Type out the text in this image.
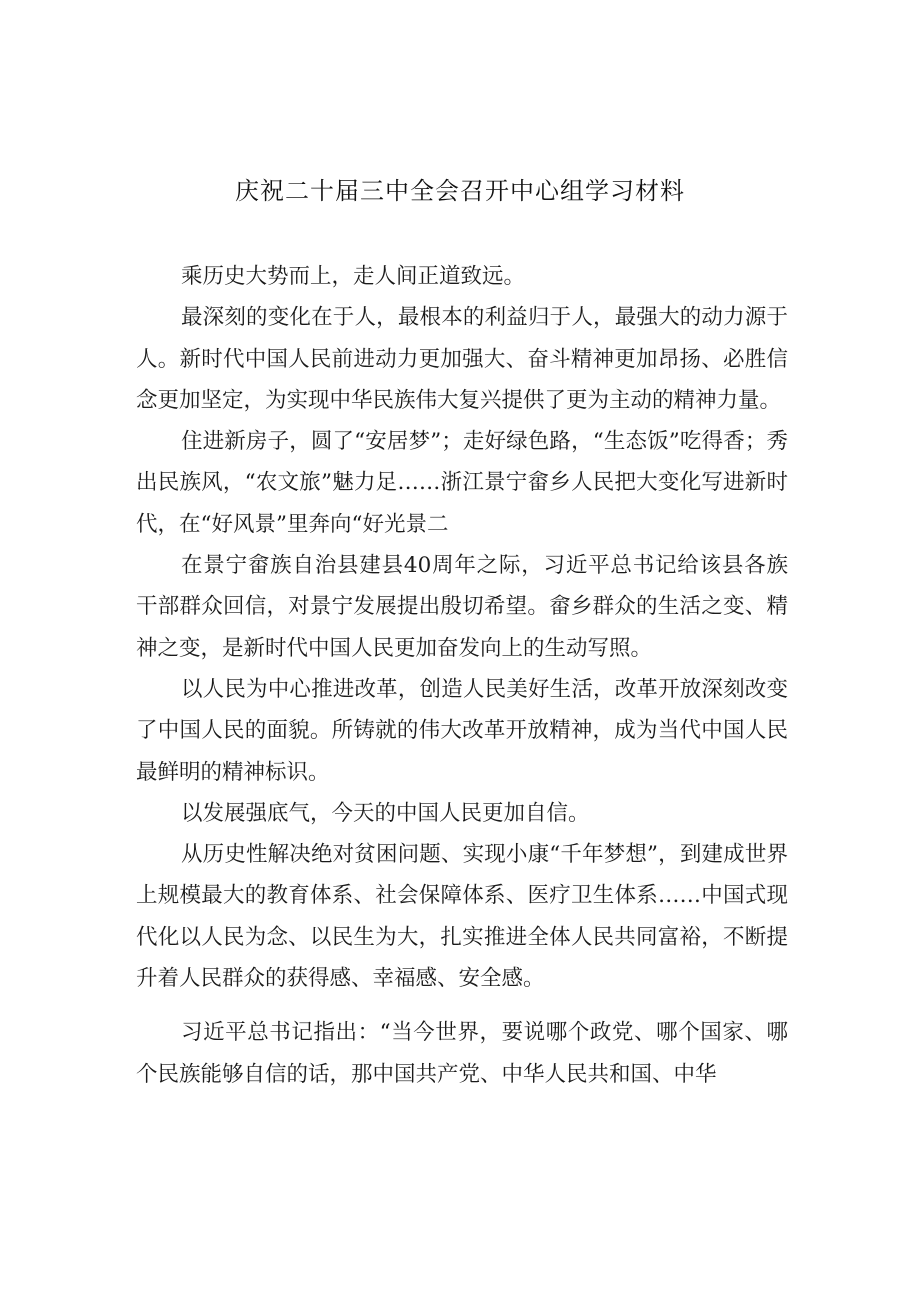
庆祝二十届三中全会召开中心组学习材料

乘历史大势而上，走人间正道致远。

最深刻的变化在于人，最根本的利益归于人，最强大的动力源于人。新时代中国人民前进动力更加强大、奋斗精神更加昂扬、必胜信念更加坚定，为实现中华民族伟大复兴提供了更为主动的精神力量。

住进新房子，圆了“安居梦”；走好绿色路，“生态饭”吃得香；秀出民族风，“农文旅”魅力足……浙江景宁畲乡人民把大变化写进新时代，在“好风景”里奔向“好光景二

在景宁畲族自治县建县40周年之际，习近平总书记给该县各族干部群众回信，对景宁发展提出殷切希望。畲乡群众的生活之变、精神之变，是新时代中国人民更加奋发向上的生动写照。

以人民为中心推进改革，创造人民美好生活，改革开放深刻改变了中国人民的面貌。所铸就的伟大改革开放精神，成为当代中国人民最鲜明的精神标识。

以发展强底气，今天的中国人民更加自信。

从历史性解决绝对贫困问题、实现小康“千年梦想”，到建成世界上规模最大的教育体系、社会保障体系、医疗卫生体系……中国式现代化以人民为念、以民生为大，扎实推进全体人民共同富裕，不断提升着人民群众的获得感、幸福感、安全感。

习近平总书记指出：“当今世界，要说哪个政党、哪个国家、哪个民族能够自信的话，那中国共产党、中华人民共和国、中华
